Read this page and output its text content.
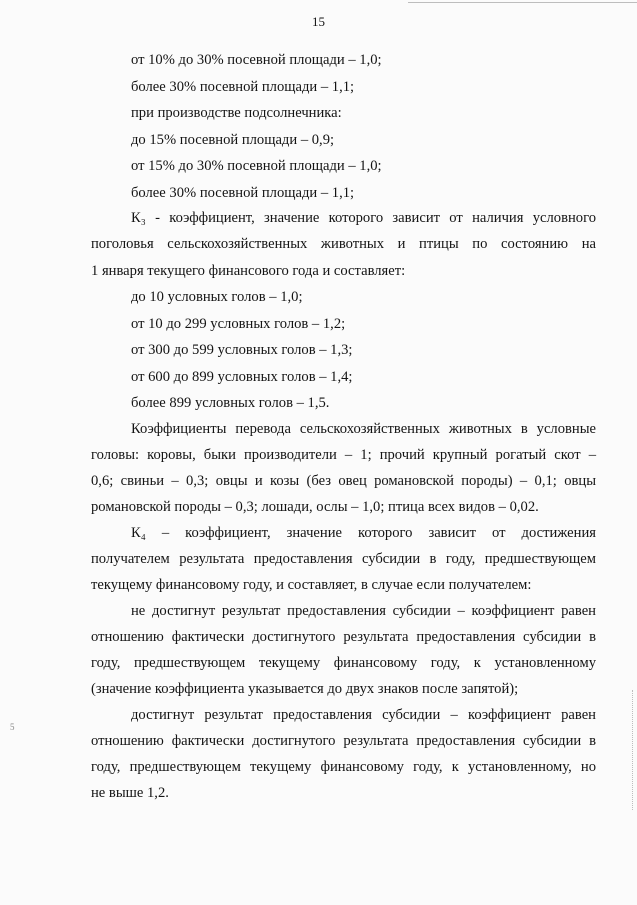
15
от 10% до 30% посевной площади – 1,0;
более 30% посевной площади – 1,1;
при производстве подсолнечника:
до 15% посевной площади – 0,9;
от 15% до 30% посевной площади – 1,0;
более 30% посевной площади – 1,1;
К₃ - коэффициент, значение которого зависит от наличия условного
поголовья сельскохозяйственных животных и птицы по состоянию на
1 января текущего финансового года и составляет:
до 10 условных голов – 1,0;
от 10 до 299 условных голов – 1,2;
от 300 до 599 условных голов – 1,3;
от 600 до 899 условных голов – 1,4;
более 899 условных голов – 1,5.
Коэффициенты перевода сельскохозяйственных животных в условные
головы: коровы, быки производители – 1; прочий крупный рогатый скот –
0,6; свиньи – 0,3; овцы и козы (без овец романовской породы) – 0,1; овцы
романовской породы – 0,3; лошади, ослы – 1,0; птица всех видов – 0,02.
К₄ – коэффициент, значение которого зависит от достижения
получателем результата предоставления субсидии в году, предшествующем
текущему финансовому году, и составляет, в случае если получателем:
не достигнут результат предоставления субсидии – коэффициент равен
отношению фактически достигнутого результата предоставления субсидии в
году, предшествующем текущему финансовому году, к установленному
(значение коэффициента указывается до двух знаков после запятой);
достигнут результат предоставления субсидии – коэффициент равен
отношению фактически достигнутого результата предоставления субсидии в
году, предшествующем текущему финансовому году, к установленному, но
не выше 1,2.
5
